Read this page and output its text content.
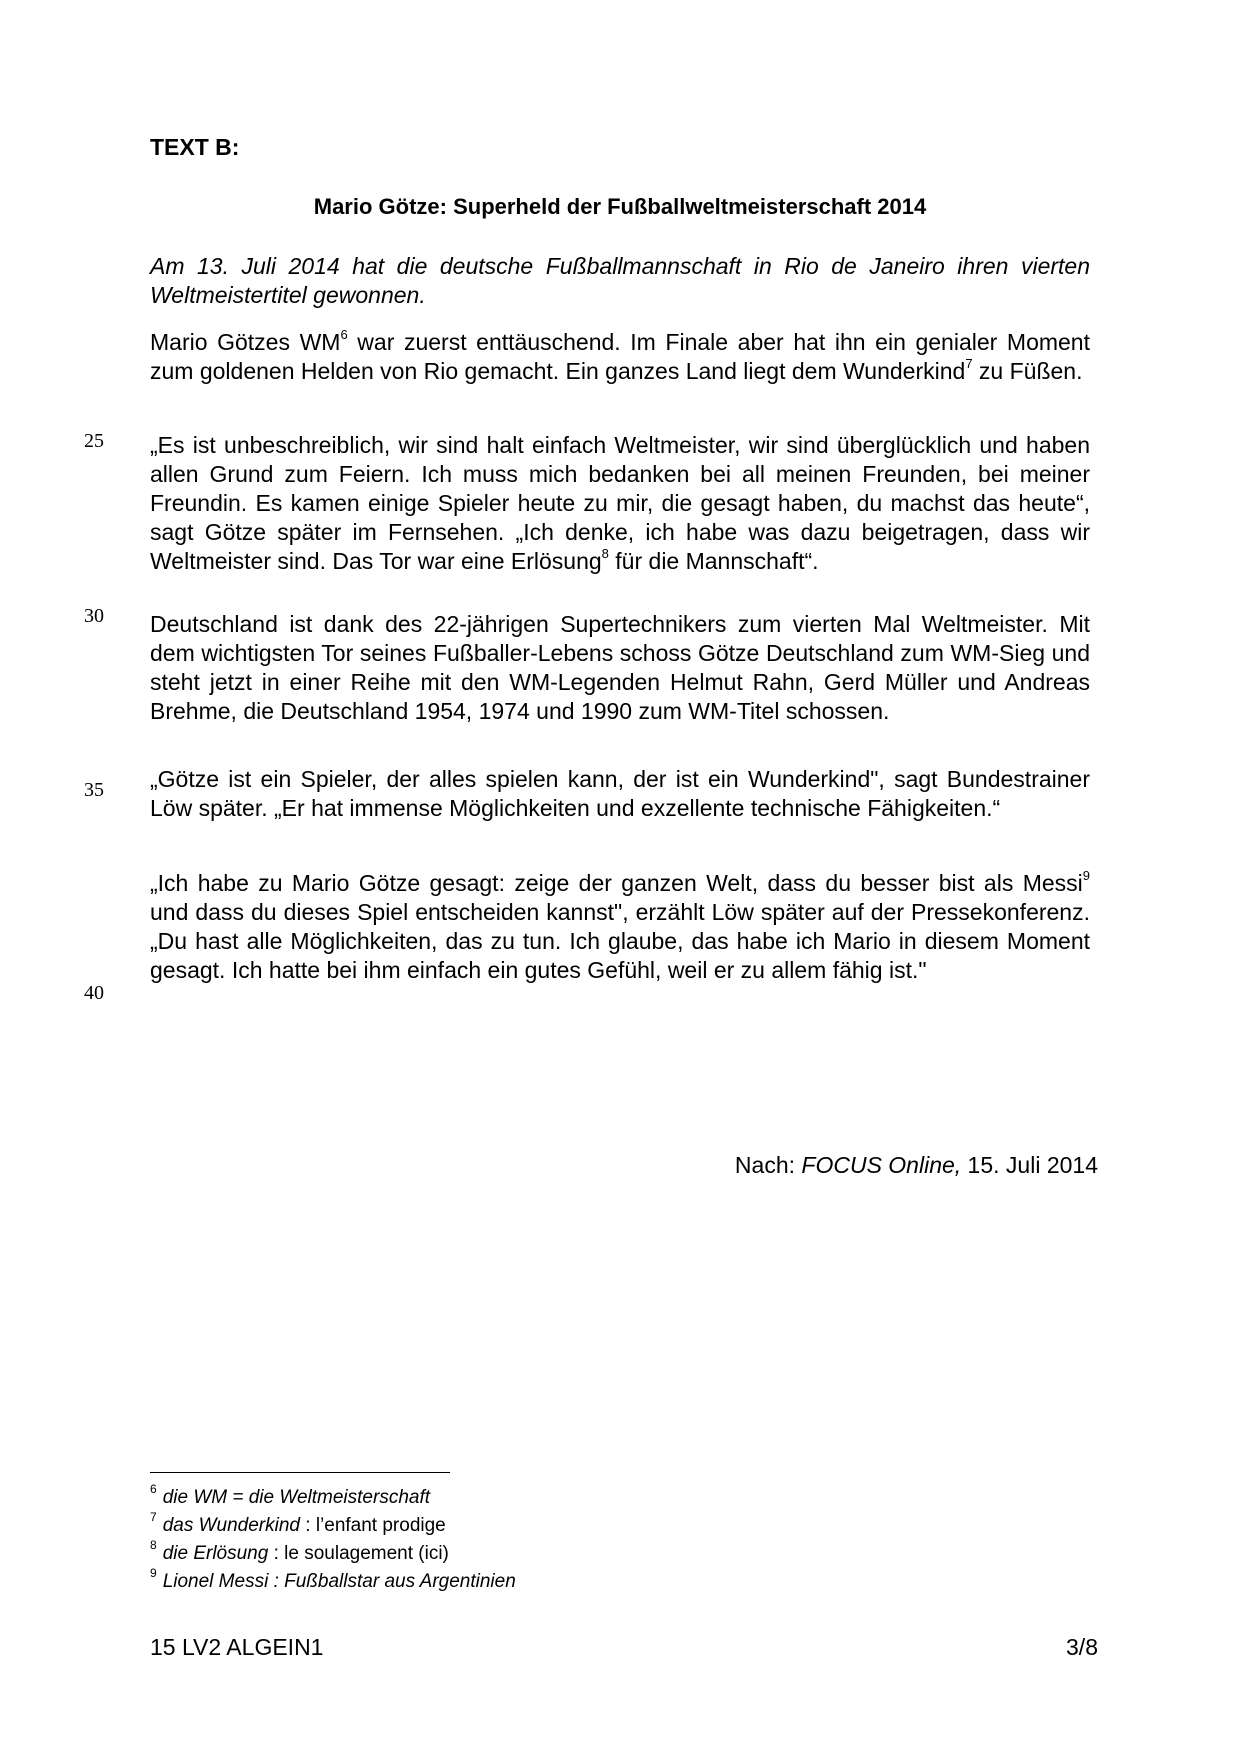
TEXT B:

Mario Götze: Superheld der Fußballweltmeisterschaft 2014

Am 13. Juli 2014 hat die deutsche Fußballmannschaft in Rio de Janeiro ihren vierten Weltmeistertitel gewonnen.

Mario Götzes $WM^6$ war zuerst enttäuschend. Im Finale aber hat ihn ein genialer Moment zum goldenen Helden von Rio gemacht. Ein ganzes Land liegt dem Wunderkind$^7$ zu Füßen.

„Es ist unbeschreiblich, wir sind halt einfach Weltmeister, wir sind überglücklich und haben allen Grund zum Feiern. Ich muss mich bedanken bei all meinen Freunden, bei meiner Freundin. Es kamen einige Spieler heute zu mir, die gesagt haben, du machst das heute“, sagt Götze später im Fernsehen. „Ich denke, ich habe was dazu beigetragen, dass wir Weltmeister sind. Das Tor war eine Erlösung$^8$ für die Mannschaft“.

Deutschland ist dank des 22-jährigen Supertechnikers zum vierten Mal Weltmeister. Mit dem wichtigsten Tor seines Fußballer-Lebens schoss Götze Deutschland zum WM-Sieg und steht jetzt in einer Reihe mit den WM-Legenden Helmut Rahn, Gerd Müller und Andreas Brehme, die Deutschland 1954, 1974 und 1990 zum WM-Titel schossen.

„Götze ist ein Spieler, der alles spielen kann, der ist ein Wunderkind", sagt Bundestrainer Löw später. „Er hat immense Möglichkeiten und exzellente technische Fähigkeiten.“

„Ich habe zu Mario Götze gesagt: zeige der ganzen Welt, dass du besser bist als Messi$^9$ und dass du dieses Spiel entscheiden kannst", erzählt Löw später auf der Pressekonferenz. „Du hast alle Möglichkeiten, das zu tun. Ich glaube, das habe ich Mario in diesem Moment gesagt. Ich hatte bei ihm einfach ein gutes Gefühl, weil er zu allem fähig ist."

25
30
35
40

Nach: FOCUS Online, 15. Juli 2014

$^6$ die WM = die Weltmeisterschaft
$^7$ das Wunderkind : l’enfant prodige
$^8$ die Erlösung : le soulagement (ici)
$^9$ Lionel Messi : Fußballstar aus Argentinien

15 LV2 ALGEIN1	3/8
